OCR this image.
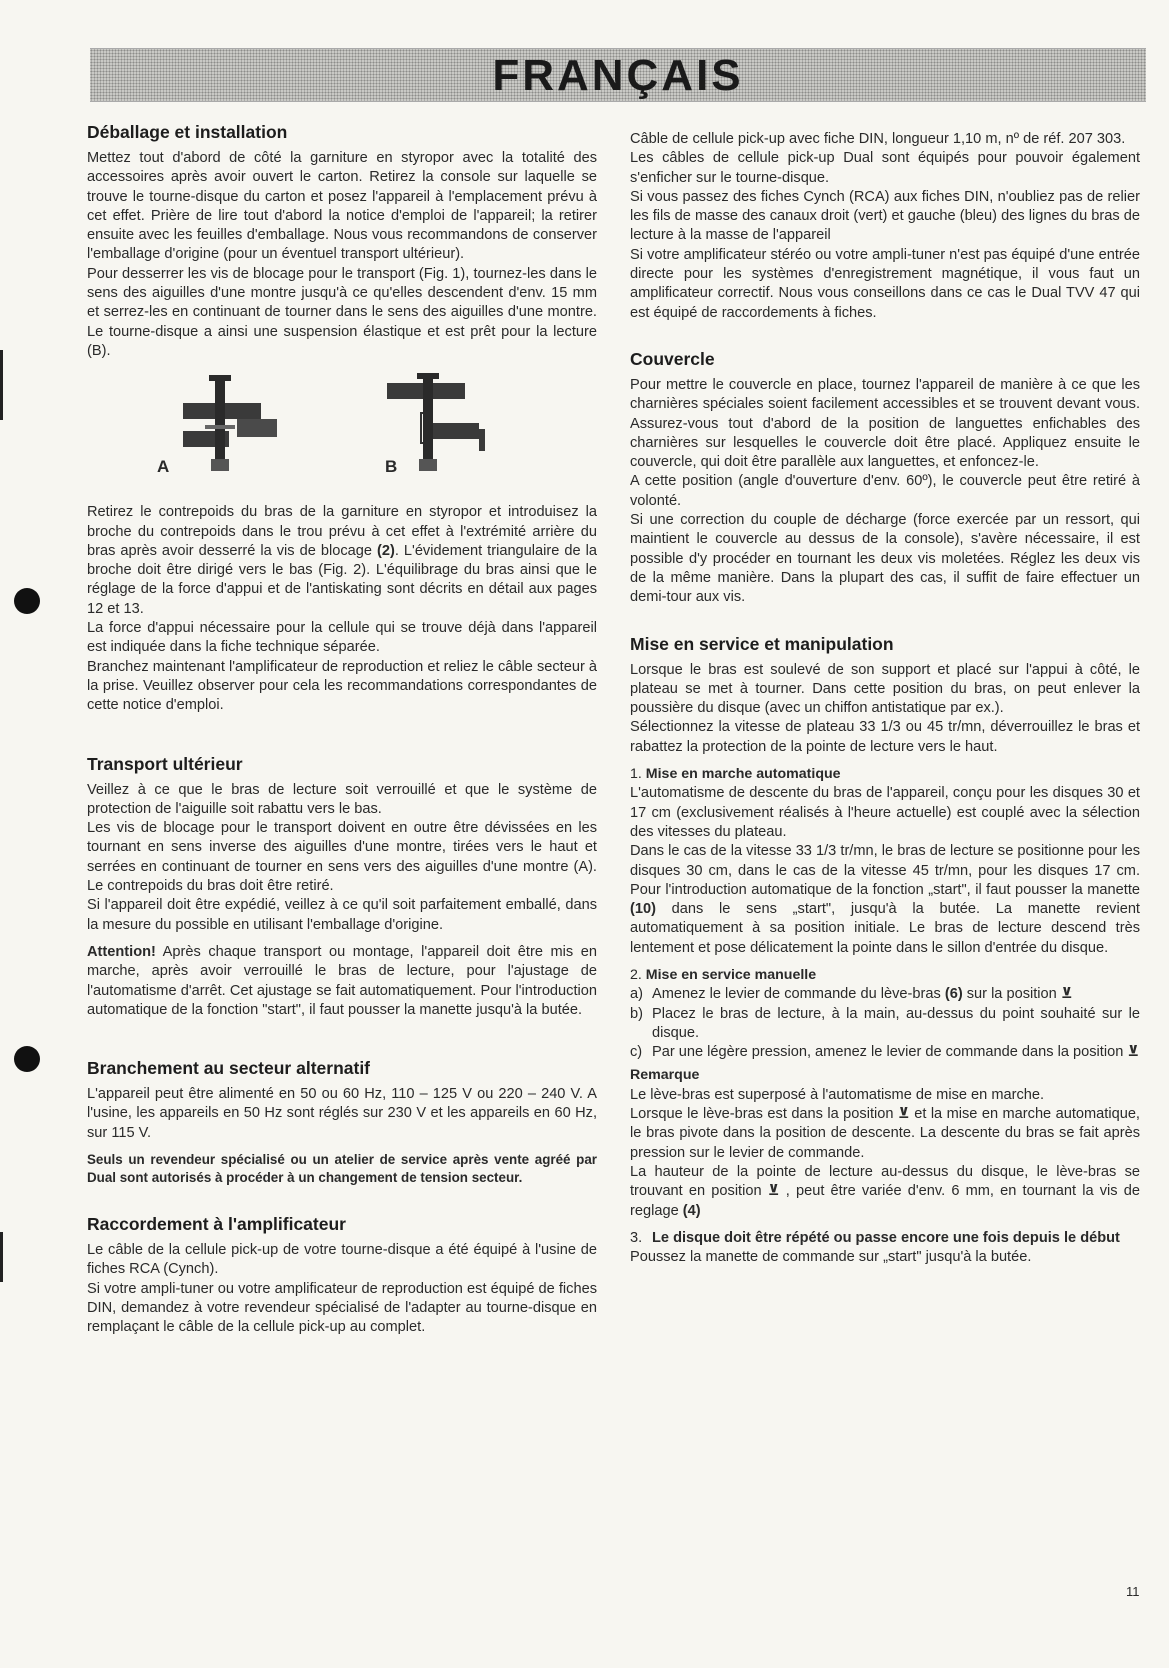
FRANÇAIS
Déballage et installation

Mettez tout d'abord de côté la garniture en styropor avec la totalité des accessoires après avoir ouvert le carton. Retirez la console sur laquelle se trouve le tourne-disque du carton et posez l'appareil à l'emplacement prévu à cet effet. Prière de lire tout d'abord la notice d'emploi de l'appareil; la retirer ensuite avec les feuilles d'emballage. Nous vous recommandons de conserver l'emballage d'origine (pour un éventuel transport ultérieur).

Pour desserrer les vis de blocage pour le transport (Fig. 1), tournez-les dans le sens des aiguilles d'une montre jusqu'à ce qu'elles descendent d'env. 15 mm et serrez-les en continuant de tourner dans le sens des aiguilles d'une montre. Le tourne-disque a ainsi une suspension élastique et est prêt pour la lecture (B).

A	B

Retirez le contrepoids du bras de la garniture en styropor et introduisez la broche du contrepoids dans le trou prévu à cet effet à l'extrémité arrière du bras après avoir desserré la vis de blocage (2). L'évidement triangulaire de la broche doit être dirigé vers le bas (Fig. 2). L'équilibrage du bras ainsi que le réglage de la force d'appui et de l'antiskating sont décrits en détail aux pages 12 et 13.

La force d'appui nécessaire pour la cellule qui se trouve déjà dans l'appareil est indiquée dans la fiche technique séparée.

Branchez maintenant l'amplificateur de reproduction et reliez le câble secteur à la prise. Veuillez observer pour cela les recommandations correspondantes de cette notice d'emploi.

Transport ultérieur

Veillez à ce que le bras de lecture soit verrouillé et que le système de protection de l'aiguille soit rabattu vers le bas.

Les vis de blocage pour le transport doivent en outre être dévissées en les tournant en sens inverse des aiguilles d'une montre, tirées vers le haut et serrées en continuant de tourner en sens vers des aiguilles d'une montre (A). Le contrepoids du bras doit être retiré.

Si l'appareil doit être expédié, veillez à ce qu'il soit parfaitement emballé, dans la mesure du possible en utilisant l'emballage d'origine.

Attention! Après chaque transport ou montage, l'appareil doit être mis en marche, après avoir verrouillé le bras de lecture, pour l'ajustage de l'automatisme d'arrêt. Cet ajustage se fait automatiquement. Pour l'introduction automatique de la fonction "start", il faut pousser la manette jusqu'à la butée.

Branchement au secteur alternatif

L'appareil peut être alimenté en 50 ou 60 Hz, 110 – 125 V ou 220 – 240 V. A l'usine, les appareils en 50 Hz sont réglés sur 230 V et les appareils en 60 Hz, sur 115 V.

Seuls un revendeur spécialisé ou un atelier de service après vente agréé par Dual sont autorisés à procéder à un changement de tension secteur.

Raccordement à l'amplificateur

Le câble de la cellule pick-up de votre tourne-disque a été équipé à l'usine de fiches RCA (Cynch).

Si votre ampli-tuner ou votre amplificateur de reproduction est équipé de fiches DIN, demandez à votre revendeur spécialisé de l'adapter au tourne-disque en remplaçant le câble de la cellule pick-up au complet.

Câble de cellule pick-up avec fiche DIN, longueur 1,10 m, nº de réf. 207 303.

Les câbles de cellule pick-up Dual sont équipés pour pouvoir également s'enficher sur le tourne-disque.

Si vous passez des fiches Cynch (RCA) aux fiches DIN, n'oubliez pas de relier les fils de masse des canaux droit (vert) et gauche (bleu) des lignes du bras de lecture à la masse de l'appareil

Si votre amplificateur stéréo ou votre ampli-tuner n'est pas équipé d'une entrée directe pour les systèmes d'enregistrement magnétique, il vous faut un amplificateur correctif. Nous vous conseillons dans ce cas le Dual TVV 47 qui est équipé de raccordements à fiches.

Couvercle

Pour mettre le couvercle en place, tournez l'appareil de manière à ce que les charnières spéciales soient facilement accessibles et se trouvent devant vous. Assurez-vous tout d'abord de la position de languettes enfichables des charnières sur lesquelles le couvercle doit être placé. Appliquez ensuite le couvercle, qui doit être parallèle aux languettes, et enfoncez-le.

A cette position (angle d'ouverture d'env. 60º), le couvercle peut être retiré à volonté.

Si une correction du couple de décharge (force exercée par un ressort, qui maintient le couvercle au dessus de la console), s'avère nécessaire, il est possible d'y procéder en tournant les deux vis moletées. Réglez les deux vis de la même manière. Dans la plupart des cas, il suffit de faire effectuer un demi-tour aux vis.

Mise en service et manipulation

Lorsque le bras est soulevé de son support et placé sur l'appui à côté, le plateau se met à tourner. Dans cette position du bras, on peut enlever la poussière du disque (avec un chiffon antistatique par ex.).

Sélectionnez la vitesse de plateau 33 1/3 ou 45 tr/mn, déverrouillez le bras et rabattez la protection de la pointe de lecture vers le haut.

1. Mise en marche automatique

L'automatisme de descente du bras de l'appareil, conçu pour les disques 30 et 17 cm (exclusivement réalisés à l'heure actuelle) est couplé avec la sélection des vitesses du plateau.

Dans le cas de la vitesse 33 1/3 tr/mn, le bras de lecture se positionne pour les disques 30 cm, dans le cas de la vitesse 45 tr/mn, pour les disques 17 cm. Pour l'introduction automatique de la fonction „start", il faut pousser la manette (10) dans le sens „start", jusqu'à la butée. La manette revient automatiquement à sa position initiale. Le bras de lecture descend très lentement et pose délicatement la pointe dans le sillon d'entrée du disque.

2. Mise en service manuelle

a) Amenez le levier de commande du lève-bras (6) sur la position ⊻
b) Placez le bras de lecture, à la main, au-dessus du point souhaité sur le disque.
c) Par une légère pression, amenez le levier de commande dans la position ⊻

Remarque

Le lève-bras est superposé à l'automatisme de mise en marche.

Lorsque le lève-bras est dans la position ⊻ et la mise en marche automatique, le bras pivote dans la position de descente. La descente du bras se fait après pression sur le levier de commande.

La hauteur de la pointe de lecture au-dessus du disque, le lève-bras se trouvant en position ⊻ , peut être variée d'env. 6 mm, en tournant la vis de reglage (4)

3. Le disque doit être répété ou passe encore une fois depuis le début

Poussez la manette de commande sur „start" jusqu'à la butée.

11
